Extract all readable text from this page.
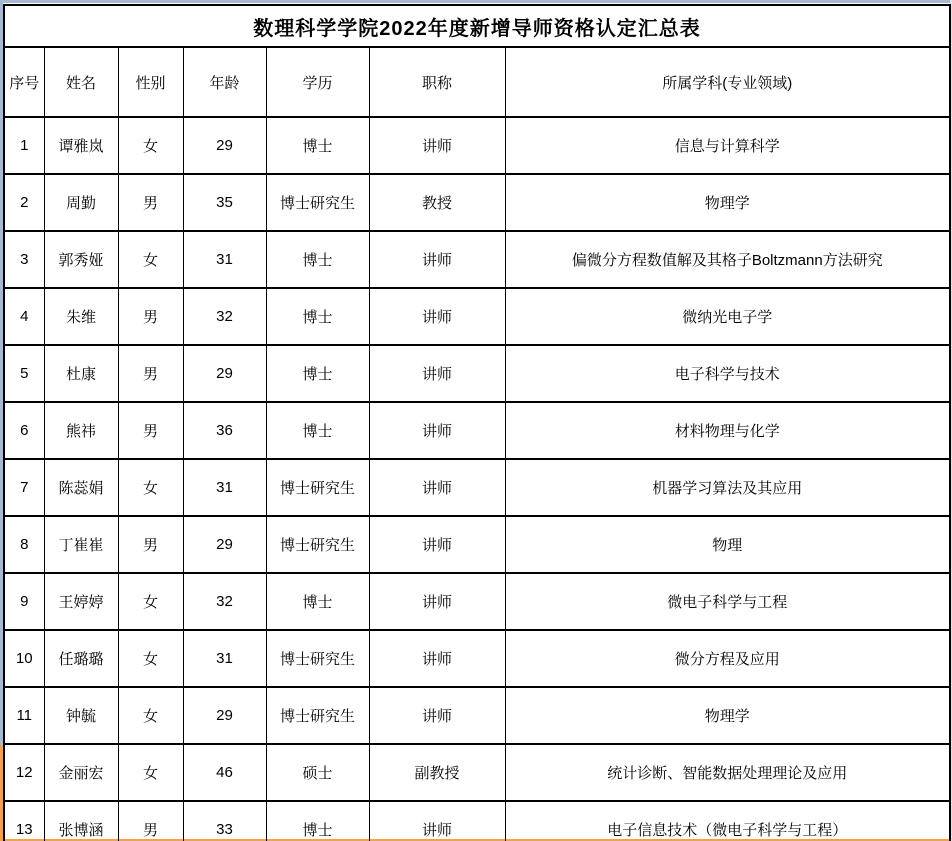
数理科学学院2022年度新增导师资格认定汇总表						
序号	姓名	性别	年龄	学历	职称	所属学科(专业领域)
1	谭雅岚	女	29	博士	讲师	信息与计算科学
2	周勤	男	35	博士研究生	教授	物理学
3	郭秀娅	女	31	博士	讲师	偏微分方程数值解及其格子Boltzmann方法研究
4	朱维	男	32	博士	讲师	微纳光电子学
5	杜康	男	29	博士	讲师	电子科学与技术
6	熊祎	男	36	博士	讲师	材料物理与化学
7	陈蕊娟	女	31	博士研究生	讲师	机器学习算法及其应用
8	丁崔崔	男	29	博士研究生	讲师	物理
9	王婷婷	女	32	博士	讲师	微电子科学与工程
10	任璐璐	女	31	博士研究生	讲师	微分方程及应用
11	钟毓	女	29	博士研究生	讲师	物理学
12	金丽宏	女	46	硕士	副教授	统计诊断、智能数据处理理论及应用
13	张博涵	男	33	博士	讲师	电子信息技术（微电子科学与工程）
